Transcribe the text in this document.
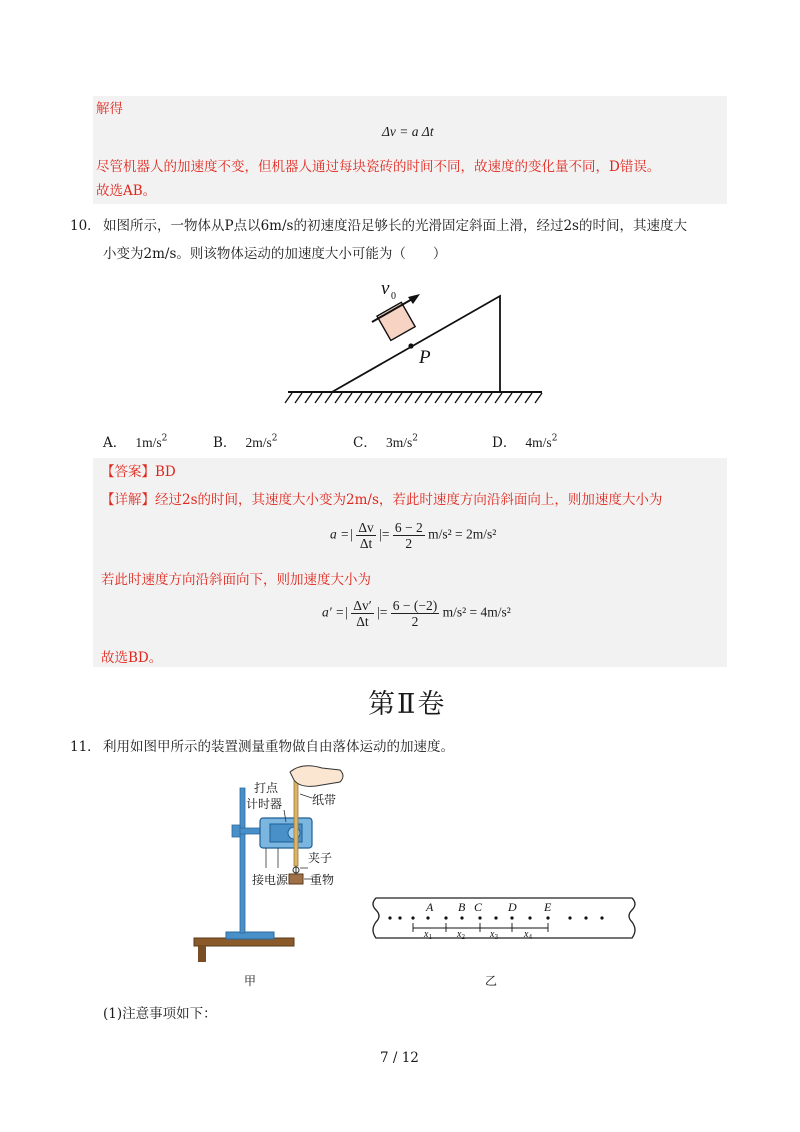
解得
Δv = a Δt
尽管机器人的加速度不变，但机器人通过每块瓷砖的时间不同，故速度的变化量不同，D错误。
故选AB。
10． 如图所示，一物体从P点以6m/s的初速度沿足够长的光滑固定斜面上滑，经过2s的时间，其速度大
小变为2m/s。则该物体运动的加速度大小可能为（　　）
v 0
P
A． $1m/s^2$	B． $2m/s^2$	C． $3m/s^2$	D． $4m/s^2$
【答案】BD
【详解】经过2s的时间，其速度大小变为2m/s，若此时速度方向沿斜面向上，则加速度大小为
a =| $\frac{\Delta v}{\Delta t}$ |= $\frac{6 - 2}{2} m/s^2 = 2m/s^2$
若此时速度方向沿斜面向下，则加速度大小为
a′ =| $\frac{\Delta v'}{\Delta t}$ |= $\frac{6 - (-2)}{2} m/s^2 = 4m/s^2$
故选BD。
第Ⅱ卷
11． 利用如图甲所示的装置测量重物做自由落体运动的加速度。
打点
计时器 纸带
夹子
接电源 重物
甲
A B C D E
$x_1$	$x_2$	$x_3$	$x_4$
乙
(1)注意事项如下：
7 / 12
